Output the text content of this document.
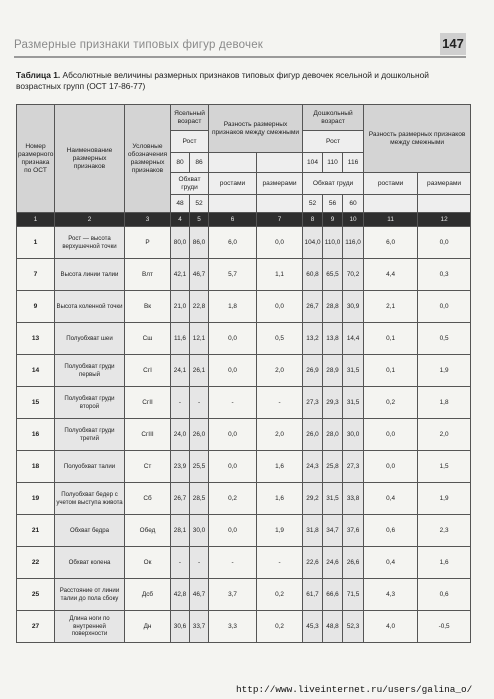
Размерные признаки типовых фигур девочек	147
Таблица 1. Абсолютные величины размерных признаков типовых фигур девочек ясельной и дошкольной возрастных групп (ОСТ 17-86-77)
Номер размерного признака по ОСТ	Наименование размерных признаков	Условные обозначения размерных признаков	Ясельный возраст		Разность размерных признаков между смежными		Дошкольный возраст			Разность размерных признаков между смежными	
			Рост				Рост				
			80	86			104	110	116		
			Обхват груди		ростами	размерами	Обхват груди			ростами	размерами
			48	52			52	56	60		
1	2	3	4	5	6	7	8	9	10	11	12
1	Рост — высота верхушечной точки	Р	80,0	86,0	6,0	0,0	104,0	110,0	116,0	6,0	0,0
7	Высота линии талии	Влт	42,1	46,7	5,7	1,1	60,8	65,5	70,2	4,4	0,3
9	Высота коленной точки	Вк	21,0	22,8	1,8	0,0	26,7	28,8	30,9	2,1	0,0
13	Полуобхват шеи	Сш	11,6	12,1	0,0	0,5	13,2	13,8	14,4	0,1	0,5
14	Полуобхват груди первый	СгI	24,1	26,1	0,0	2,0	26,9	28,9	31,5	0,1	1,9
15	Полуобхват груди второй	СгII	-	-	-	-	27,3	29,3	31,5	0,2	1,8
16	Полуобхват груди третий	СгIII	24,0	26,0	0,0	2,0	26,0	28,0	30,0	0,0	2,0
18	Полуобхват талии	Ст	23,9	25,5	0,0	1,6	24,3	25,8	27,3	0,0	1,5
19	Полуобхват бедер с учетом выступа живота	Сб	26,7	28,5	0,2	1,6	29,2	31,5	33,8	0,4	1,9
21	Обхват бедра	Обед	28,1	30,0	0,0	1,9	31,8	34,7	37,6	0,6	2,3
22	Обхват колена	Ок	-	-	-	-	22,6	24,6	26,6	0,4	1,6
25	Расстояние от линии талии до пола сбоку	Дсб	42,8	46,7	3,7	0,2	61,7	66,6	71,5	4,3	0,6
27	Длина ноги по внутренней поверхности	Дн	30,6	33,7	3,3	0,2	45,3	48,8	52,3	4,0	-0,5
http://www.liveinternet.ru/users/galina_o/
